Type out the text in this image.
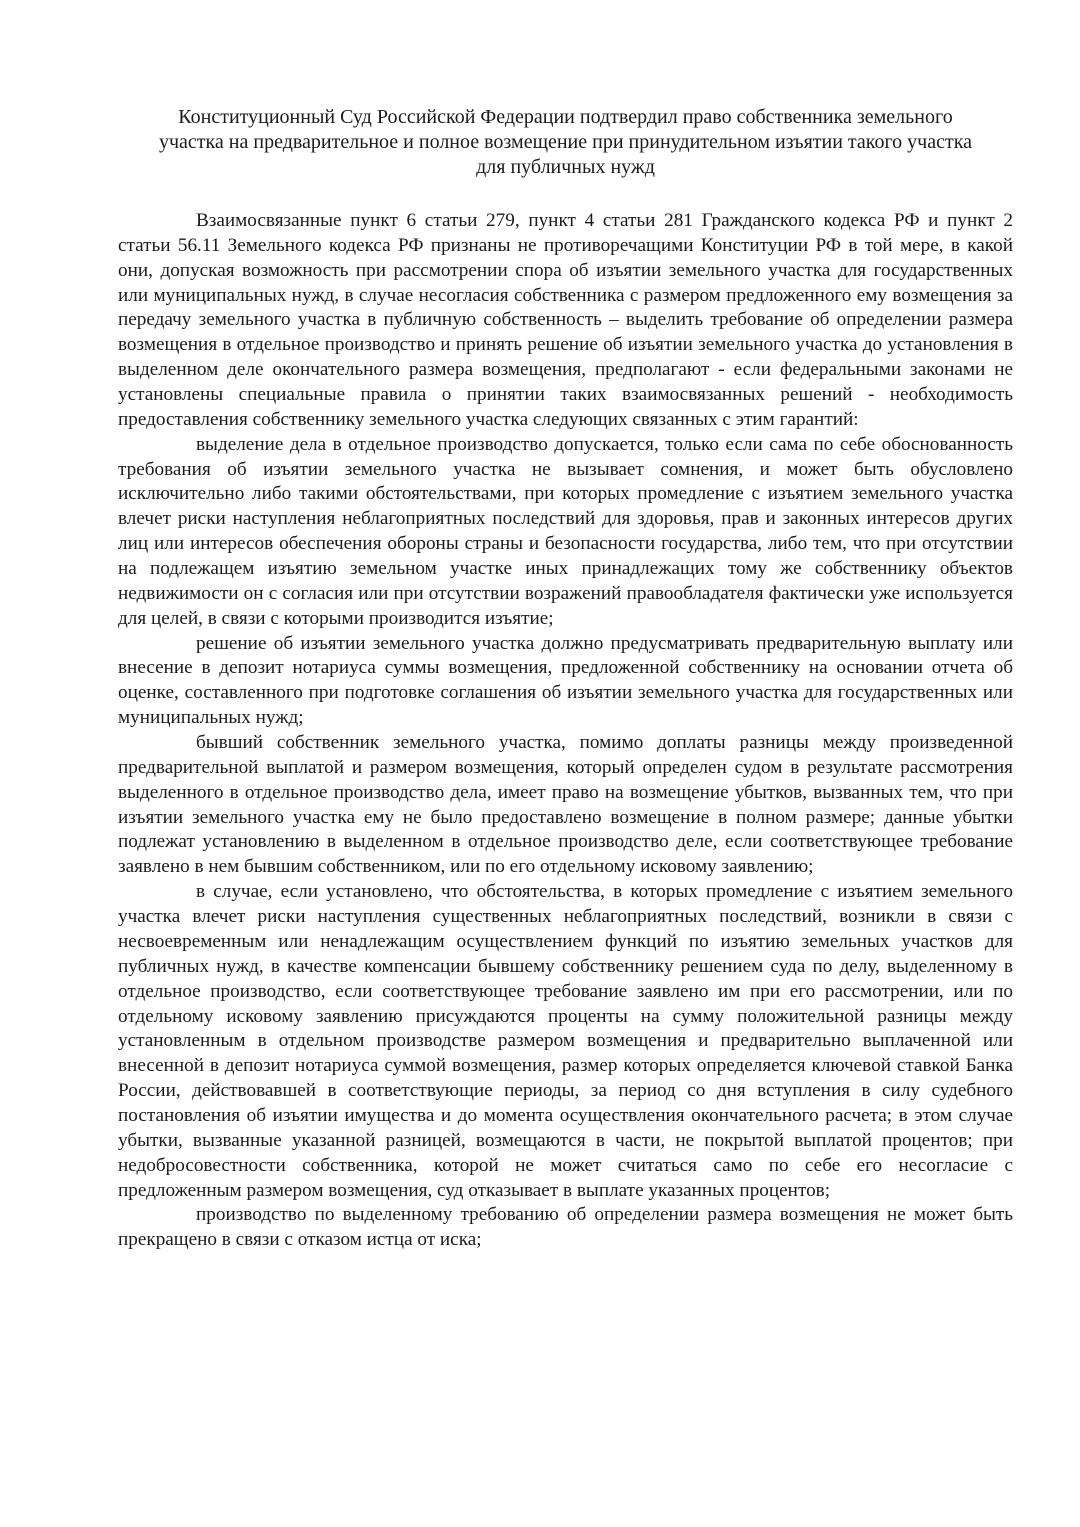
Конституционный Суд Российской Федерации подтвердил право собственника земельного
участка на предварительное и полное возмещение при принудительном изъятии такого участка
для публичных нужд

Взаимосвязанные пункт 6 статьи 279, пункт 4 статьи 281 Гражданского кодекса РФ и пункт 2 статьи 56.11 Земельного кодекса РФ признаны не противоречащими Конституции РФ в той мере, в какой они, допуская возможность при рассмотрении спора об изъятии земельного участка для государственных или муниципальных нужд, в случае несогласия собственника с размером предложенного ему возмещения за передачу земельного участка в публичную собственность – выделить требование об определении размера возмещения в отдельное производство и принять решение об изъятии земельного участка до установления в выделенном деле окончательного размера возмещения, предполагают - если федеральными законами не установлены специальные правила о принятии таких взаимосвязанных решений - необходимость предоставления собственнику земельного участка следующих связанных с этим гарантий:

выделение дела в отдельное производство допускается, только если сама по себе обоснованность требования об изъятии земельного участка не вызывает сомнения, и может быть обусловлено исключительно либо такими обстоятельствами, при которых промедление с изъятием земельного участка влечет риски наступления неблагоприятных последствий для здоровья, прав и законных интересов других лиц или интересов обеспечения обороны страны и безопасности государства, либо тем, что при отсутствии на подлежащем изъятию земельном участке иных принадлежащих тому же собственнику объектов недвижимости он с согласия или при отсутствии возражений правообладателя фактически уже используется для целей, в связи с которыми производится изъятие;

решение об изъятии земельного участка должно предусматривать предварительную выплату или внесение в депозит нотариуса суммы возмещения, предложенной собственнику на основании отчета об оценке, составленного при подготовке соглашения об изъятии земельного участка для государственных или муниципальных нужд;

бывший собственник земельного участка, помимо доплаты разницы между произведенной предварительной выплатой и размером возмещения, который определен судом в результате рассмотрения выделенного в отдельное производство дела, имеет право на возмещение убытков, вызванных тем, что при изъятии земельного участка ему не было предоставлено возмещение в полном размере; данные убытки подлежат установлению в выделенном в отдельное производство деле, если соответствующее требование заявлено в нем бывшим собственником, или по его отдельному исковому заявлению;

в случае, если установлено, что обстоятельства, в которых промедление с изъятием земельного участка влечет риски наступления существенных неблагоприятных последствий, возникли в связи с несвоевременным или ненадлежащим осуществлением функций по изъятию земельных участков для публичных нужд, в качестве компенсации бывшему собственнику решением суда по делу, выделенному в отдельное производство, если соответствующее требование заявлено им при его рассмотрении, или по отдельному исковому заявлению присуждаются проценты на сумму положительной разницы между установленным в отдельном производстве размером возмещения и предварительно выплаченной или внесенной в депозит нотариуса суммой возмещения, размер которых определяется ключевой ставкой Банка России, действовавшей в соответствующие периоды, за период со дня вступления в силу судебного постановления об изъятии имущества и до момента осуществления окончательного расчета; в этом случае убытки, вызванные указанной разницей, возмещаются в части, не покрытой выплатой процентов; при недобросовестности собственника, которой не может считаться само по себе его несогласие с предложенным размером возмещения, суд отказывает в выплате указанных процентов;

производство по выделенному требованию об определении размера возмещения не может быть прекращено в связи с отказом истца от иска;
